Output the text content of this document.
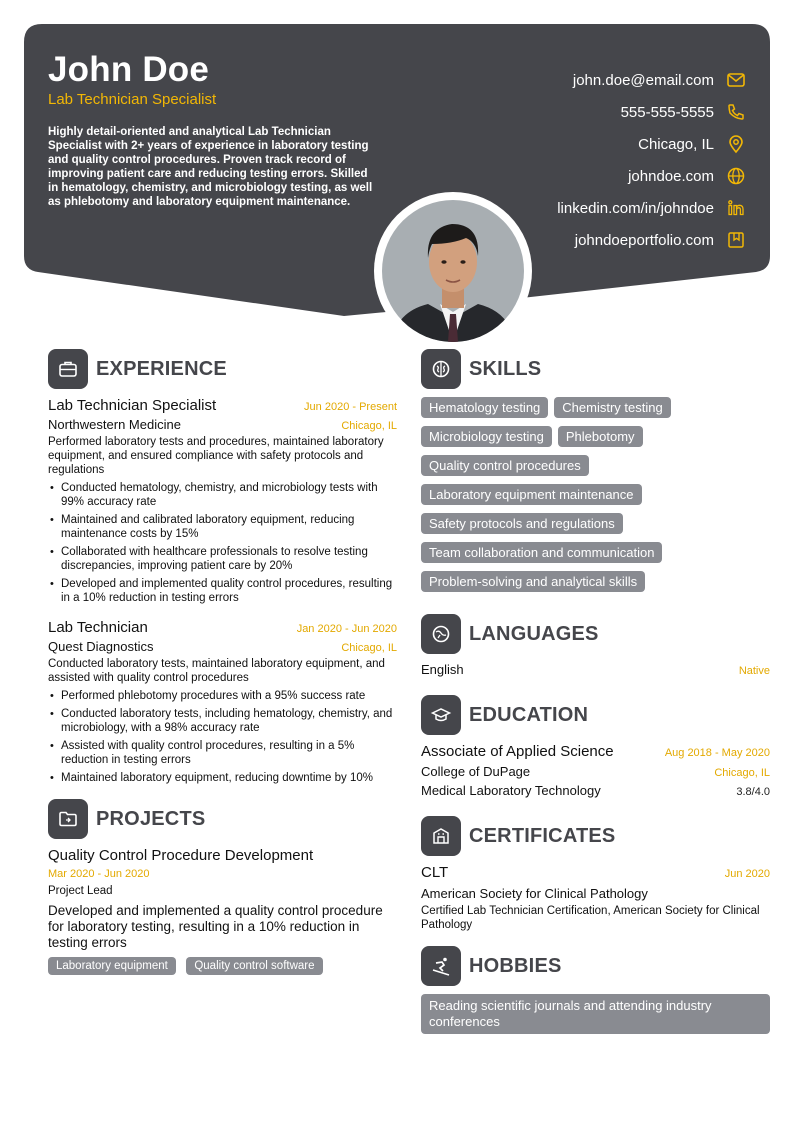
John Doe
Lab Technician Specialist
Highly detail-oriented and analytical Lab Technician Specialist with 2+ years of experience in laboratory testing and quality control procedures. Proven track record of improving patient care and reducing testing errors. Skilled in hematology, chemistry, and microbiology testing, as well as phlebotomy and laboratory equipment maintenance.
john.doe@email.com
555-555-5555
Chicago, IL
johndoe.com
linkedin.com/in/johndoe
johndoeportfolio.com
EXPERIENCE
Lab Technician Specialist	Jun 2020 - Present
Northwestern Medicine	Chicago, IL
Performed laboratory tests and procedures, maintained laboratory equipment, and ensured compliance with safety protocols and regulations
• Conducted hematology, chemistry, and microbiology tests with 99% accuracy rate
• Maintained and calibrated laboratory equipment, reducing maintenance costs by 15%
• Collaborated with healthcare professionals to resolve testing discrepancies, improving patient care by 20%
• Developed and implemented quality control procedures, resulting in a 10% reduction in testing errors
Lab Technician	Jan 2020 - Jun 2020
Quest Diagnostics	Chicago, IL
Conducted laboratory tests, maintained laboratory equipment, and assisted with quality control procedures
• Performed phlebotomy procedures with a 95% success rate
• Conducted laboratory tests, including hematology, chemistry, and microbiology, with a 98% accuracy rate
• Assisted with quality control procedures, resulting in a 5% reduction in testing errors
• Maintained laboratory equipment, reducing downtime by 10%
PROJECTS
Quality Control Procedure Development
Mar 2020 - Jun 2020
Project Lead
Developed and implemented a quality control procedure for laboratory testing, resulting in a 10% reduction in testing errors
Laboratory equipment Quality control software
SKILLS
Hematology testing Chemistry testing
Microbiology testing Phlebotomy
Quality control procedures
Laboratory equipment maintenance
Safety protocols and regulations
Team collaboration and communication
Problem-solving and analytical skills
LANGUAGES
English	Native
EDUCATION
Associate of Applied Science	Aug 2018 - May 2020
College of DuPage	Chicago, IL
Medical Laboratory Technology	3.8/4.0
CERTIFICATES
CLT	Jun 2020
American Society for Clinical Pathology
Certified Lab Technician Certification, American Society for Clinical Pathology
HOBBIES
Reading scientific journals and attending industry conferences
